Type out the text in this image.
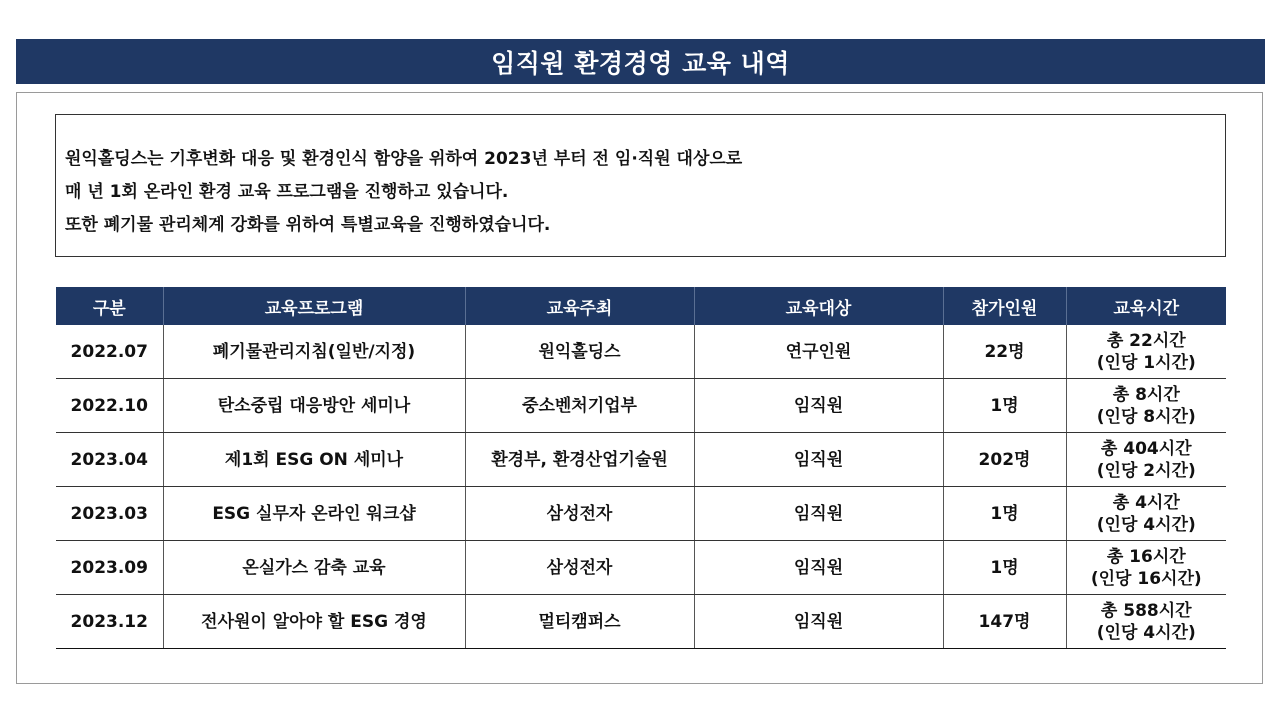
임직원 환경경영 교육 내역
원익홀딩스는 기후변화 대응 및 환경인식 함양을 위하여 2023년 부터 전 임·직원 대상으로
매 년 1회 온라인 환경 교육 프로그램을 진행하고 있습니다.
또한 폐기물 관리체계 강화를 위하여 특별교육을 진행하였습니다.
구분	교육프로그램	교육주최	교육대상	참가인원	교육시간
2022.07	폐기물관리지침(일반/지정)	원익홀딩스	연구인원	22명	총 22시간
(인당 1시간)

2022.10	탄소중립 대응방안 세미나	중소벤처기업부	임직원	1명	총 8시간
(인당 8시간)

2023.04	제1회 ESG ON 세미나	환경부, 환경산업기술원	임직원	202명	총 404시간
(인당 2시간)

2023.03	ESG 실무자 온라인 워크샵	삼성전자	임직원	1명	총 4시간
(인당 4시간)

2023.09	온실가스 감축 교육	삼성전자	임직원	1명	총 16시간
(인당 16시간)

2023.12	전사원이 알아야 할 ESG 경영	멀티캠퍼스	임직원	147명	총 588시간
(인당 4시간)
